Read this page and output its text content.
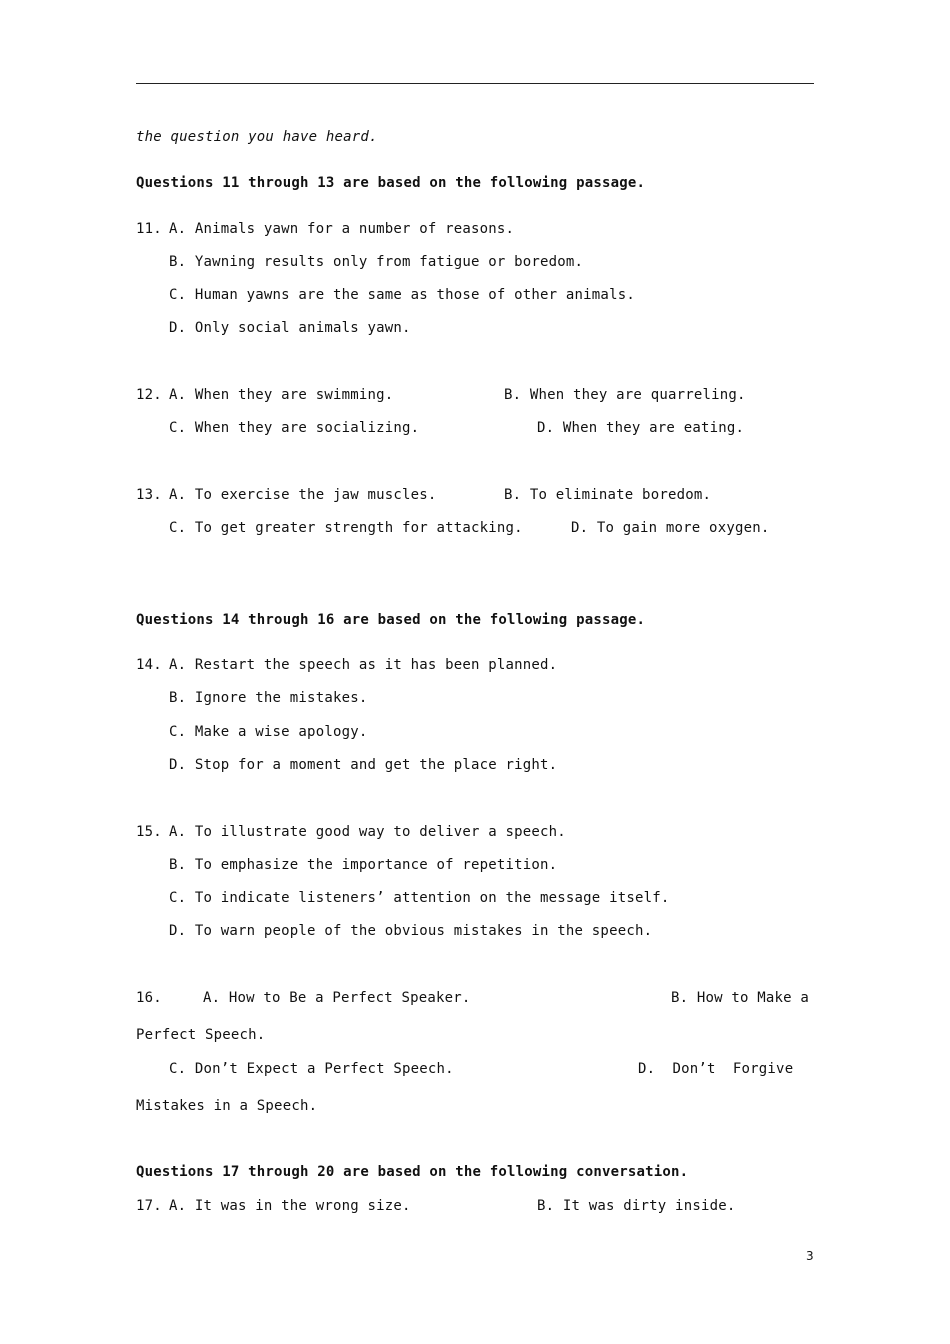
the question you have heard.
Questions 11 through 13 are based on the following passage.
11. A. Animals yawn for a number of reasons.
B. Yawning results only from fatigue or boredom.
C. Human yawns are the same as those of other animals.
D. Only social animals yawn.
12. A. When they are swimming.	B. When they are quarreling.
C. When they are socializing.	D. When they are eating.
13. A. To exercise the jaw muscles.	B. To eliminate boredom.
C. To get greater strength for attacking.	D. To gain more oxygen.
Questions 14 through 16 are based on the following passage.
14. A. Restart the speech as it has been planned.
B. Ignore the mistakes.
C. Make a wise apology.
D. Stop for a moment and get the place right.
15. A. To illustrate good way to deliver a speech.
B. To emphasize the importance of repetition.
C. To indicate listeners’ attention on the message itself.
D. To warn people of the obvious mistakes in the speech.
16.	A. How to Be a Perfect Speaker.	B. How to Make a
Perfect Speech.
C. Don’t Expect a Perfect Speech.	D.  Don’t  Forgive
Mistakes in a Speech.
Questions 17 through 20 are based on the following conversation.
17. A. It was in the wrong size.	B. It was dirty inside.
3
